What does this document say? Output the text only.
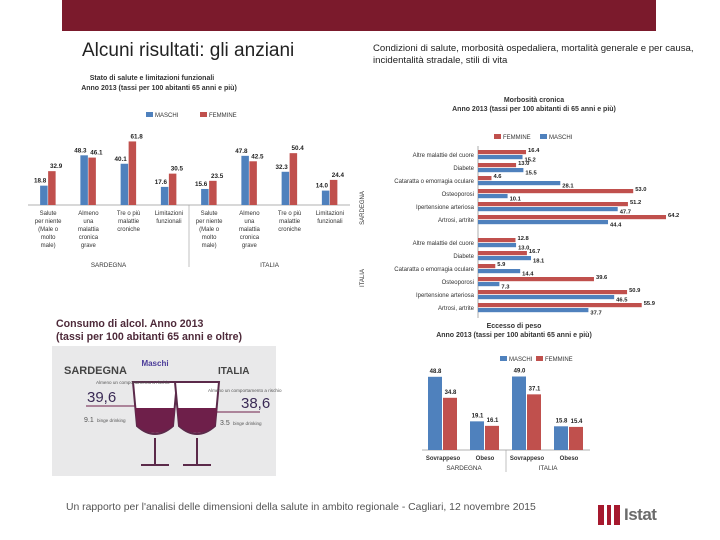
Alcuni risultati: gli anziani	Condizioni di salute, morbosità ospedaliera, mortalità generale e per causa, incidentalità stradale, stili di vita
Stato di salute e limitazioni funzionali
Anno 2013 (tassi per 100 abitanti 65 anni e più)
MASCHI	FEMMINE
18.8
32.9
Salute
per niente
(Male o
molto
male)
48.3 46.1
Almeno
una
malattia
cronica
grave
40.1
61.8
Tre o più
malattie
croniche
17.6
30.5
Limitazioni
funzionali
15.6
23.5
Salute
per niente
(Male o
molto
male)
47.8
42.5
Almeno
una
malattia
cronica
grave
32.3
50.4
Tre o più
malattie
croniche
14.0
24.4
Limitazioni
funzionali
SARDEGNA	ITALIA
Morbosità cronica
Anno 2013 (tassi per 100 abitanti di 65 anni e più)
FEMMINE	MASCHI
Altre malattie del cuore
16.4
15.2
Diabete
13.0
15.5
Cataratta o emorragia oculare
4.6
28.1
Osteoporosi
53.0
10.1
Ipertensione arteriosa
51.2
47.7
Artrosi, artrite
64.2
44.4
Altre malattie del cuore
12.8
13.0
Diabete
16.7
18.1
Cataratta o emorragia oculare
5.9
14.4
Osteoporosi
39.6
7.3
Ipertensione arteriosa
50.9
46.5
Artrosi, artrite
55.9
37.7
SARDEGNA
ITALIA
Consumo di alcol. Anno 2013
(tassi per 100 abitanti 65 anni e oltre)
SARDEGNA	ITALIA
Maschi
39,6	38,6
Almeno un comportamento a rischio
Almeno un comportamento a rischio
9.1 binge drinking	3.5 binge drinking
Eccesso di peso
Anno 2013 (tassi per 100 abitanti 65 anni e più)
MASCHI FEMMINE
48.8
34.8
Sovrappeso
19.1
16.1
Obeso
49.0
37.1
Sovrappeso
15.8 15.4
Obeso
SARDEGNA	ITALIA
Un rapporto per l'analisi delle dimensioni della salute in ambito regionale - Cagliari, 12 novembre 2015	Istat
